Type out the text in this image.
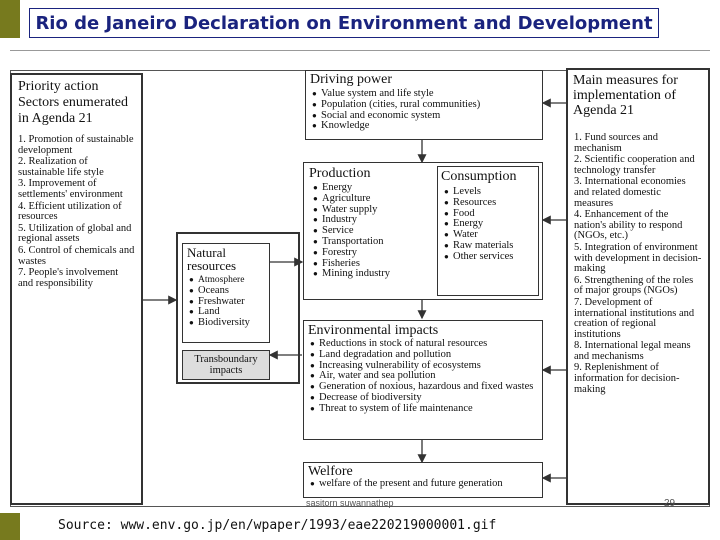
Rio de Janeiro Declaration on Environment and Development
Priority action Sectors enumerated in Agenda 21
1. Promotion of sustainable development
2. Realization of sustainable life style
3. Improvement of settlements' environment
4. Efficient utilization of resources
5. Utilization of global and regional assets
6. Control of chemicals and wastes
7. People's involvement and responsibility
Driving power
● Value system and life style
● Population (cities, rural communities)
● Social and economic system
● Knowledge
Production
● Energy
● Agriculture
● Water supply
● Industry
● Service
● Transportation
● Forestry
● Fisheries
● Mining industry
Consumption
● Levels
● Resources
● Food
● Energy
● Water
● Raw materials
● Other services
Natural resources
● Atmosphere
● Oceans
● Freshwater
● Land
● Biodiversity
Transboundary impacts
Environmental impacts
● Reductions in stock of natural resources
● Land degradation and pollution
● Increasing vulnerability of ecosystems
● Air, water and sea pollution
● Generation of noxious, hazardous and fixed wastes
● Decrease of biodiversity
● Threat to system of life maintenance
Welfore
● welfare of the present and future generation
Main measures for implementation of Agenda 21
1. Fund sources and mechanism
2. Scientific cooperation and technology transfer
3. International economies and related domestic measures
4. Enhancement of the nation's ability to respond (NGOs, etc.)
5. Integration of environment with development in decision-making
6. Strengthening of the roles of major groups (NGOs)
7. Development of international institutions and creation of regional institutions
8. International legal means and mechanisms
9. Replenishment of information for decision-making
sasitorn suwannathep	29
Source: www.env.go.jp/en/wpaper/1993/eae220219000001.gif
